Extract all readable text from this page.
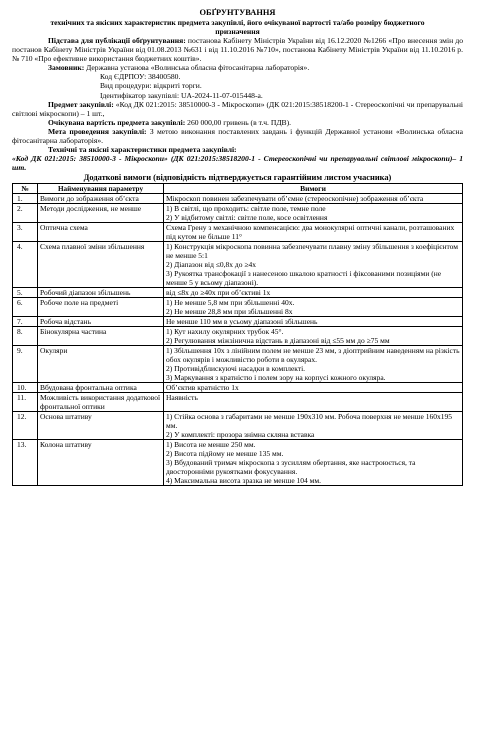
ОБҐРУНТУВАННЯ
технічних та якісних характеристик предмета закупівлі, його очікуваної вартості та/або розміру бюджетного призначення

Підстава для публікації обґрунтування: постанова Кабінету Міністрів України від 16.12.2020 №1266 «Про внесення змін до постанов Кабінету Міністрів України від 01.08.2013 №631 і від 11.10.2016 №710», постанова Кабінету Міністрів України від 11.10.2016 р. № 710 «Про ефективне використання бюджетних коштів».

Замовник: Державна установа «Волинська обласна фітосанітарна лабораторія».

Код ЄДРПОУ: 38400580.

Вид процедури: відкриті торги.

Ідентифікатор закупівлі: UA-2024-11-07-015448-a.

Предмет закупівлі: «Код ДК 021:2015: 38510000-3 - Мікроскопи» (ДК 021:2015:38518200-1 - Стереоскопічні чи препарувальні світлові мікроскопи) – 1 шт.,

Очікувана вартість предмета закупівлі: 260 000,00 гривень (в т.ч. ПДВ).

Мета проведення закупівлі: З метою виконання поставлених завдань і функцій Державної установи «Волинська обласна фітосанітарна лабораторія».

Технічні та якісні характеристики предмета закупівлі:

«Код ДК 021:2015: 38510000-3 - Мікроскопи» (ДК 021:2015:38518200-1 - Стереоскопічні чи препарувальні світлові мікроскопи)– 1 шт.

Додаткові вимоги (відповідність підтверджується гарантійним листом учасника)
№	Найменування параметру	Вимоги
1.	Вимоги до зображення об’єкта	Мікроскоп повинен забезпечувати об’ємне (стереоскопічне) зображення об’єкта

2.	Методи дослідження, не менше	1) В світлі, що проходить: світле поле, темне поле
2) У відбитому світлі: світле поле, косе освітлення

3.	Оптична схема	Схема Грену з механічною компенсацією: два монокулярні оптичні канали, розташованих під кутом не більше 11°

4.	Схема плавної зміни збільшення	1) Конструкція мікроскопа повинна забезпечувати плавну зміну збільшення з коефіцієнтом не менше 5:1
2) Діапазон від ≤0,8х до ≥4х
3) Рукоятка трансфокації з нанесеною шкалою кратності і фіксованими позиціями (не менше 5 у всьому діапазоні).

5.	Робочий діапазон збільшень	від ≤8х до ≥40х при об’єктиві 1х

6.	Робоче поле на предметі	1) Не менше 5,8 мм при збільшенні 40х.
2) Не менше 28,8 мм при збільшенні 8х

7.	Робоча відстань	Не менше 110 мм в усьому діапазоні збільшень

8.	Бінокулярна частина	1) Кут нахилу окулярних трубок 45°.
2) Регулювання міжзінична відстань в діапазоні від ≤55 мм до ≥75 мм

9.	Окуляри	1) Збільшення 10х з лінійним полем не менше 23 мм, з діоптрийним наведенням на різкість обох окулярів і можливістю роботи в окулярах.
2) Противідблискуючі насадки в комплекті.
3) Маркування з кратністю і полем зору на корпусі кожного окуляра.

10.	Вбудована фронтальна оптика	Об’єктив кратністю 1х

11.	Можливість використання додаткової фронтальної оптики	Наявність

12.	Основа штативу	1) Стійка основа з габаритами не менше 190х310 мм. Робоча поверхня не менше 160х195 мм.
2) У комплекті: прозора знімна скляна вставка

13.	Колона штативу	1) Висота не менше 250 мм.
2) Висота підйому не менше 135 мм.
3) Вбудований тримач мікроскопа з зусиллям обертання, яке настроюється, та двосторонніми рукоятками фокусування.
4) Максимальна висота зразка не менше 104 мм.
